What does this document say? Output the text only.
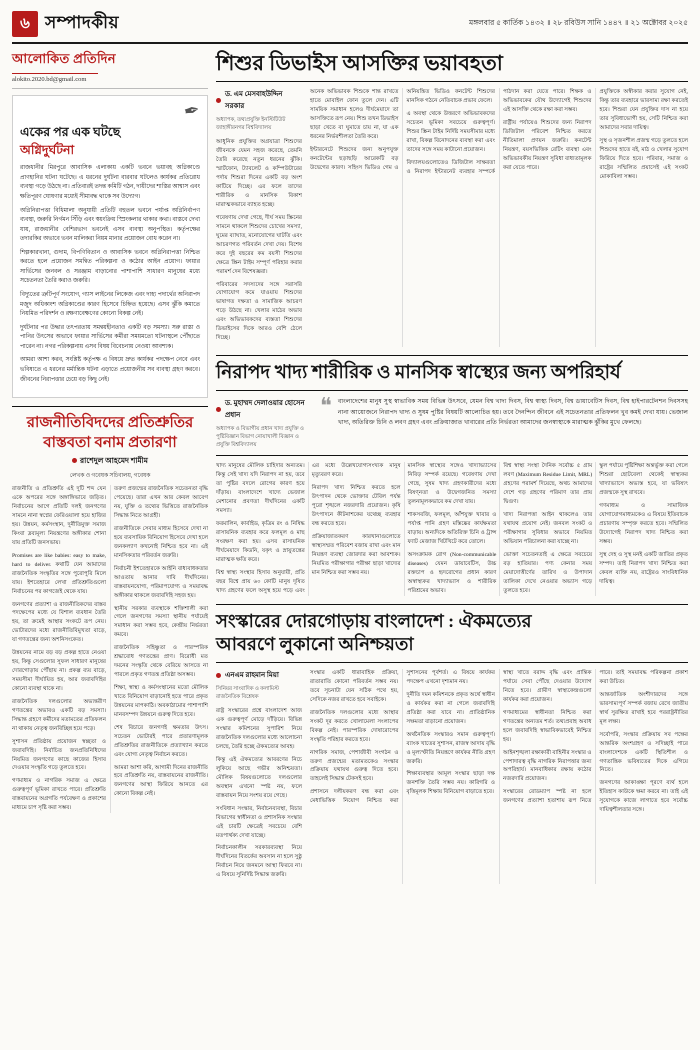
৬ সম্পাদকীয়	মঙ্গলবার ৫ কার্তিক ১৪৩২ ॥ ২৮ রবিউস সানি ১৪৪৭ ॥ ২১ অক্টোবর ২০২৫
আলোকিত প্রতিদিন
alokito.2020.bd@gmail.com
✒
একের পর এক ঘটছে
অগ্নিদুর্ঘটনা

রাজধানীর মিরপুরে আবাসিক এলাকায় একটি ভবনে ভয়াবহ অগ্নিকাণ্ডে প্রাণহানির ঘটনা ঘটেছে। এ ধরনের দুর্ঘটনা বারবার ঘটলেও কার্যকর প্রতিরোধ ব্যবস্থা গড়ে উঠছে না। প্রতিবারই তদন্ত কমিটি গঠন, দায়ীদের শাস্তির আশ্বাস এবং ক্ষতিপূরণ ঘোষণার মধ্যেই সীমাবদ্ধ থাকে সব উদ্যোগ।

অগ্নিনিরাপত্তা বিধিমালা অনুযায়ী প্রতিটি বহুতল ভবনে পর্যাপ্ত অগ্নিনির্বাপণ ব্যবস্থা, জরুরি নির্গমন সিঁড়ি এবং স্বয়ংক্রিয় স্প্রিংকলার থাকার কথা। বাস্তবে দেখা যায়, রাজধানীর বেশিরভাগ ভবনেই এসব ব্যবস্থা অনুপস্থিত। কর্তৃপক্ষের তদারকির অভাবে ভবন মালিকরা নিয়ম মানার প্রয়োজন বোধ করেন না।

শিল্পকারখানা, গুদাম, বিপণিবিতান ও আবাসিক ভবনে অগ্নিনিরাপত্তা নিশ্চিত করতে হলে প্রয়োজন সমন্বিত পরিকল্পনা ও কঠোর আইন প্রয়োগ। ফায়ার সার্ভিসের জনবল ও সরঞ্জাম বাড়ানোর পাশাপাশি সাধারণ মানুষের মধ্যে সচেতনতা তৈরি করাও জরুরি।

বিদ্যুতের ত্রুটিপূর্ণ সংযোগ, গ্যাস লাইনের লিকেজ এবং দাহ্য পদার্থের অনিরাপদ মজুদ অধিকাংশ অগ্নিকাণ্ডের কারণ হিসেবে চিহ্নিত হয়েছে। এসব ঝুঁকি কমাতে নিয়মিত পরিদর্শন ও রক্ষণাবেক্ষণের কোনো বিকল্প নেই।

দুর্ঘটনার পর উদ্ধার তৎপরতায় সমন্বয়হীনতাও একটি বড় সমস্যা। সরু রাস্তা ও পানির উৎসের অভাবে ফায়ার সার্ভিসের কর্মীরা সময়মতো ঘটনাস্থলে পৌঁছাতে পারেন না। নগর পরিকল্পনায় এসব বিষয় বিবেচনায় নেওয়া আবশ্যক।

আমরা আশা করব, সংশ্লিষ্ট কর্তৃপক্ষ এ বিষয়ে দ্রুত কার্যকর পদক্ষেপ নেবে এবং ভবিষ্যতে এ ধরনের মর্মান্তিক ঘটনা এড়াতে প্রয়োজনীয় সব ব্যবস্থা গ্রহণ করবে। জীবনের নিরাপত্তার চেয়ে বড় কিছু নেই।

রাজনীতিবিদদের প্রতিশ্রুতির
বাস্তবতা বনাম প্রতারণা
রাশেদুল আহমেদ শামীম
লেখক ও গবেষক সচিবালয়, গবেষক

রাজনীতি ও প্রতিশ্রুতি এই দুটি শব্দ যেন একে অপরের সঙ্গে অঙ্গাঙ্গিভাবে জড়িত। নির্বাচনের আগে প্রতিটি দলই জনগণের সামনে নানা স্বপ্নের ফেরিওয়ালা হয়ে হাজির হয়। উন্নয়ন, কর্মসংস্থান, দুর্নীতিমুক্ত সমাজ কিংবা দ্রব্যমূল্য নিয়ন্ত্রণের অঙ্গীকার শোনা যায় প্রতিটি জনসভায়।

Promises are like babies: easy to make, hard to deliver. কথাটি যেন আমাদের রাজনৈতিক সংস্কৃতির সঙ্গে পুরোপুরি মিলে যায়। ইশতেহারে লেখা প্রতিশ্রুতিগুলো নির্বাচনের পর কাগজেই থেকে যায়।

জনগণের প্রত্যাশা ও রাজনীতিকদের বাস্তব পদক্ষেপের মধ্যে যে বিশাল ব্যবধান তৈরি হয়, তা ক্রমেই আস্থার সংকটে রূপ নেয়। ভোটারদের মধ্যে রাজনীতিবিমুখতা বাড়ে, যা গণতন্ত্রের জন্য অশনিসংকেত।

উন্নয়নের নামে বড় বড় প্রকল্প হাতে নেওয়া হয়, কিন্তু সেগুলোর সুফল সাধারণ মানুষের দোরগোড়ায় পৌঁছায় না। প্রকল্প ব্যয় বাড়ে, সময়সীমা দীর্ঘায়িত হয়, আর জবাবদিহির কোনো ব্যবস্থা থাকে না।

রাজনৈতিক দলগুলোর অভ্যন্তরীণ গণতন্ত্রের অভাবও একটি বড় সমস্যা। সিদ্ধান্ত গ্রহণে কর্মীদের মতামতের প্রতিফলন না থাকায় নেতৃত্ব জনবিচ্ছিন্ন হয়ে পড়ে।

সুশাসন প্রতিষ্ঠায় প্রয়োজন স্বচ্ছতা ও জবাবদিহি। নির্বাচিত জনপ্রতিনিধিদের নিয়মিত জনগণের কাছে কাজের হিসাব দেওয়ার সংস্কৃতি গড়ে তুলতে হবে।

গণমাধ্যম ও নাগরিক সমাজ এ ক্ষেত্রে গুরুত্বপূর্ণ ভূমিকা রাখতে পারে। প্রতিশ্রুতি বাস্তবায়নের অগ্রগতি পর্যবেক্ষণ ও প্রকাশের মাধ্যমে চাপ সৃষ্টি করা সম্ভব।

তরুণ প্রজন্মের রাজনৈতিক সচেতনতা বৃদ্ধি পেয়েছে। তারা এখন আর কেবল আবেগ নয়, যুক্তি ও তথ্যের ভিত্তিতে রাজনৈতিক সিদ্ধান্ত নিতে আগ্রহী।

রাজনীতিকে সেবার মাধ্যম হিসেবে দেখা না হয়ে ব্যবসায়িক বিনিয়োগ হিসেবে দেখা হলে জনকল্যাণ কখনোই নিশ্চিত হবে না। এই মানসিকতার পরিবর্তন জরুরি।

নির্বাচনী ইশতেহারকে আইনি বাধ্যবাধকতার আওতায় আনার দাবি দীর্ঘদিনের। বাস্তবায়নযোগ্য, পরিমাপযোগ্য ও সময়াবদ্ধ অঙ্গীকার থাকলে জবাবদিহি সহজ হয়।

স্থানীয় সরকার ব্যবস্থাকে শক্তিশালী করা গেলে জনগণের সমস্যা স্থানীয় পর্যায়েই সমাধান করা সম্ভব হবে, কেন্দ্রীয় নির্ভরতা কমবে।

রাজনৈতিক সহিষ্ণুতা ও পারস্পরিক শ্রদ্ধাবোধ গণতন্ত্রের প্রাণ। বিরোধী মত দমনের সংস্কৃতি থেকে বেরিয়ে আসতে না পারলে প্রকৃত গণতন্ত্র প্রতিষ্ঠা অসম্ভব।

শিক্ষা, স্বাস্থ্য ও কর্মসংস্থানের মতো মৌলিক খাতে বিনিয়োগ বাড়ানোই হতে পারে প্রকৃত উন্নয়নের মাপকাঠি। অবকাঠামোর পাশাপাশি মানবসম্পদ উন্নয়নে গুরুত্ব দিতে হবে।

শেষ বিচারে জনগণই ক্ষমতার উৎস। সচেতন ভোটারই পারে প্রতারণামূলক প্রতিশ্রুতির রাজনীতিকে প্রত্যাখ্যান করতে এবং যোগ্য নেতৃত্ব নির্বাচন করতে।

আমরা আশা করি, আগামী দিনের রাজনীতি হবে প্রতিশ্রুতি নয়, বাস্তবায়নের রাজনীতি। জনগণের আস্থা ফিরিয়ে আনতে এর কোনো বিকল্প নেই।

শিশুর ডিভাইস আসক্তির ভয়াবহতা
ড. এম মেসবাহউদ্দিন সরকার
অধ্যাপক, তথ্যপ্রযুক্তি ইনস্টিটিউট জাহাঙ্গীরনগর বিশ্ববিদ্যালয়

আধুনিক প্রযুক্তির অগ্রযাত্রা শিশুদের জীবনকে যেমন সহজ করেছে, তেমনি তৈরি করেছে নতুন ধরনের ঝুঁকি। স্মার্টফোন, ট্যাবলেট ও কম্পিউটারের পর্দায় শিশুরা দিনের একটি বড় অংশ কাটিয়ে দিচ্ছে। এর ফলে তাদের শারীরিক ও মানসিক বিকাশ মারাত্মকভাবে ব্যাহত হচ্ছে।

গবেষণায় দেখা গেছে, দীর্ঘ সময় স্ক্রিনের সামনে থাকলে শিশুদের চোখের সমস্যা, ঘুমের ব্যাঘাত, মনোযোগের ঘাটতি এবং আচরণগত পরিবর্তন দেখা দেয়। বিশেষ করে দুই বছরের কম বয়সী শিশুদের ক্ষেত্রে স্ক্রিন টাইম সম্পূর্ণ পরিহার করার পরামর্শ দেন বিশেষজ্ঞরা।

পরিবারের সদস্যদের সঙ্গে সরাসরি যোগাযোগ কমে যাওয়ায় শিশুদের ভাষাগত দক্ষতা ও সামাজিক আচরণ গড়ে উঠছে না। খেলার মাঠের অভাব এবং অভিভাবকদের ব্যস্ততা শিশুদের ডিভাইসের দিকে আরও বেশি ঠেলে দিচ্ছে।

অনেক অভিভাবক শিশুকে শান্ত রাখতে হাতে মোবাইল ফোন তুলে দেন। এটি সাময়িক সমাধান হলেও দীর্ঘমেয়াদে তা আসক্তিতে রূপ নেয়। শিশু তখন ডিভাইস ছাড়া খেতে বা ঘুমাতে চায় না, যা এক ধরনের নির্ভরশীলতা তৈরি করে।

ইন্টারনেটে শিশুদের জন্য অনুপযুক্ত কনটেন্টের ছড়াছড়ি আরেকটি বড় উদ্বেগের কারণ। সহিংস ভিডিও গেম ও অনিয়ন্ত্রিত ভিডিও কনটেন্ট শিশুদের মানসিক গঠনে নেতিবাচক প্রভাব ফেলে।

এ অবস্থা থেকে উত্তরণে অভিভাবকদের সচেতন ভূমিকা সবচেয়ে গুরুত্বপূর্ণ। শিশুর স্ক্রিন টাইম নির্দিষ্ট সময়সীমার মধ্যে রাখা, বিকল্প বিনোদনের ব্যবস্থা করা এবং তাদের সঙ্গে সময় কাটানো প্রয়োজন।

বিদ্যালয়গুলোতেও ডিজিটাল সাক্ষরতা ও নিরাপদ ইন্টারনেট ব্যবহার সম্পর্কে পাঠদান করা যেতে পারে। শিক্ষক ও অভিভাবকের যৌথ উদ্যোগেই শিশুদের এই আসক্তি থেকে রক্ষা করা সম্ভব।

রাষ্ট্রীয় পর্যায়েও শিশুদের জন্য নিরাপদ ডিজিটাল পরিবেশ নিশ্চিত করতে নীতিমালা প্রণয়ন জরুরি। কনটেন্ট নিয়ন্ত্রণ, বয়সভিত্তিক রেটিং ব্যবস্থা এবং অভিভাবকীয় নিয়ন্ত্রণ সুবিধা বাধ্যতামূলক করা যেতে পারে।

প্রযুক্তিকে অস্বীকার করার সুযোগ নেই, কিন্তু তার ব্যবহারে ভারসাম্য রক্ষা করতেই হবে। শিশুরা যেন প্রযুক্তির দাস না হয়ে তার সুবিধাভোগী হয়, সেটি নিশ্চিত করা আমাদের সবার দায়িত্ব।

সুস্থ ও সৃজনশীল প্রজন্ম গড়ে তুলতে হলে শিশুদের হাতে বই, মাঠ ও খেলার সুযোগ ফিরিয়ে দিতে হবে। পরিবার, সমাজ ও রাষ্ট্রের সম্মিলিত প্রয়াসেই এই সংকট মোকাবিলা সম্ভব।

নিরাপদ খাদ্য শারীরিক ও মানসিক স্বাস্থ্যের জন্য অপরিহার্য
ড. মুহাম্মদ দেলাওয়ার হোসেন প্রধান
অধ্যাপক ও বিভাগীয় প্রধান খাদ্য প্রযুক্তি ও পুষ্টিবিজ্ঞান বিভাগ নোয়াখালী বিজ্ঞান ও প্রযুক্তি বিশ্ববিদ্যালয়
❝ বাংলাদেশের মানুষ সুস্থ স্বাভাবিক সময় বিভিন্ন উৎসবে, যেমন বিশ্ব খাদ্য দিবস, বিশ্ব স্বাস্থ্য দিবস, বিশ্ব ডায়াবেটিস দিবস, বিশ্ব হাইপারটেনশন দিবসসহ নানা আয়োজনে নিরাপদ খাদ্য ও সুষম পুষ্টির বিষয়টি আলোচিত হয়। তবে দৈনন্দিন জীবনে এই সচেতনতার প্রতিফলন খুব কমই দেখা যায়। ভেজাল খাদ্য, অতিরিক্ত চিনি ও লবণ গ্রহণ এবং প্রক্রিয়াজাত খাবারের প্রতি নির্ভরতা আমাদের জনস্বাস্থ্যকে মারাত্মক ঝুঁকির মুখে ফেলছে।

খাদ্য মানুষের মৌলিক চাহিদার অন্যতম। কিন্তু সেই খাদ্য যদি নিরাপদ না হয়, তবে তা পুষ্টির বদলে রোগের কারণ হয়ে দাঁড়ায়। বাংলাদেশে খাদ্যে ভেজাল মেশানোর প্রবণতা দীর্ঘদিনের একটি সমস্যা।

ফরমালিন, কার্বাইড, কৃত্রিম রং ও নিষিদ্ধ রাসায়নিক ব্যবহার করে ফলমূল ও মাছ সংরক্ষণ করা হয়। এসব রাসায়নিক দীর্ঘমেয়াদে কিডনি, যকৃৎ ও স্নায়ুতন্ত্রের মারাত্মক ক্ষতি করে।

বিশ্ব স্বাস্থ্য সংস্থার হিসাব অনুযায়ী, প্রতি বছর বিশ্বে প্রায় ৬০ কোটি মানুষ দূষিত খাদ্য গ্রহণের ফলে অসুস্থ হয়ে পড়ে এবং এর মধ্যে উল্লেখযোগ্যসংখ্যক মানুষ মৃত্যুবরণ করে।

নিরাপদ খাদ্য নিশ্চিত করতে হলে উৎপাদন থেকে ভোক্তার টেবিল পর্যন্ত পুরো শৃঙ্খলে নজরদারি প্রয়োজন। কৃষি উৎপাদনে কীটনাশকের যথেচ্ছ ব্যবহার বন্ধ করতে হবে।

প্রক্রিয়াজাতকরণ কারখানাগুলোতে স্বাস্থ্যসম্মত পরিবেশ বজায় রাখা এবং মান নিয়ন্ত্রণ ব্যবস্থা জোরদার করা আবশ্যক। নিয়মিত পরীক্ষাগার পরীক্ষা ছাড়া খাদ্যের মান নিশ্চিত করা সম্ভব নয়।

মানসিক স্বাস্থ্যের সঙ্গেও খাদ্যাভ্যাসের নিবিড় সম্পর্ক রয়েছে। গবেষণায় দেখা গেছে, সুষম খাদ্য গ্রহণকারীদের মধ্যে বিষণ্নতা ও উদ্বেগজনিত সমস্যা তুলনামূলকভাবে কম দেখা যায়।

শাকসবজি, ফলমূল, আঁশযুক্ত খাবার ও পর্যাপ্ত পানি গ্রহণ মস্তিষ্কের কার্যক্ষমতা বাড়ায়। অন্যদিকে অতিরিক্ত চিনি ও ট্রান্স ফ্যাট মেজাজ খিটখিটে করে তোলে।

অসংক্রামক রোগ (Non-communicable diseases) যেমন ডায়াবেটিস, উচ্চ রক্তচাপ ও হৃদরোগের প্রধান কারণ অস্বাস্থ্যকর খাদ্যাভ্যাস ও শারীরিক পরিশ্রমের অভাব।

বিশ্ব স্বাস্থ্য সংস্থা দৈনিক সর্বোচ্চ ৫ গ্রাম লবণ (Maximum Residue Limit, MRL) গ্রহণের পরামর্শ দিয়েছে, অথচ আমাদের দেশে গড় গ্রহণের পরিমাণ তার প্রায় দ্বিগুণ।

খাদ্য নিরাপত্তা আইন থাকলেও তার যথাযথ প্রয়োগ নেই। জনবল সংকট ও পরীক্ষাগার সুবিধার অভাবে নিয়মিত অভিযান পরিচালনা করা যাচ্ছে না।

ভোক্তা সচেতনতাই এ ক্ষেত্রে সবচেয়ে বড় হাতিয়ার। পণ্য কেনার সময় মেয়াদোত্তীর্ণের তারিখ ও উপাদান তালিকা দেখে নেওয়ার অভ্যাস গড়ে তুলতে হবে।

স্কুল পর্যায়ে পুষ্টিশিক্ষা অন্তর্ভুক্ত করা গেলে শিশুরা ছোটবেলা থেকেই স্বাস্থ্যকর খাদ্যাভ্যাসে অভ্যস্ত হবে, যা ভবিষ্যৎ প্রজন্মকে সুস্থ রাখবে।

গণমাধ্যম ও সামাজিক যোগাযোগমাধ্যমকেও এ বিষয়ে ইতিবাচক প্রচারণায় সম্পৃক্ত করতে হবে। সম্মিলিত উদ্যোগেই নিরাপদ খাদ্য নিশ্চিত করা সম্ভব।

সুস্থ দেহ ও সুস্থ মনই একটি জাতির প্রকৃত সম্পদ। তাই নিরাপদ খাদ্য নিশ্চিত করা কেবল ব্যক্তি নয়, রাষ্ট্রেরও সাংবিধানিক দায়িত্ব।

সংস্কারের দোরগোড়ায় বাংলাদেশ : ঐকমত্যের
আবরণে লুকানো অনিশ্চয়তা
এনএম রাহমান মিয়া
সিনিয়র সাংবাদিক ও কলামিস্ট রাজনৈতিক বিশ্লেষক

রাষ্ট্র সংস্কারের প্রশ্নে বাংলাদেশ আজ এক গুরুত্বপূর্ণ মোড়ে দাঁড়িয়ে। বিভিন্ন সংস্কার কমিশনের সুপারিশ নিয়ে রাজনৈতিক দলগুলোর মধ্যে আলোচনা চলছে, তৈরি হচ্ছে ঐকমত্যের আবহ।

কিন্তু এই ঐকমত্যের আবরণের নিচে লুকিয়ে আছে গভীর অনিশ্চয়তা। মৌলিক বিষয়গুলোতে দলগুলোর অবস্থান এখনো স্পষ্ট নয়, ফলে বাস্তবায়ন নিয়ে সংশয় রয়ে গেছে।

সংবিধান সংস্কার, নির্বাচনব্যবস্থা, বিচার বিভাগের স্বাধীনতা ও প্রশাসনিক সংস্কার এই চারটি ক্ষেত্রেই সবচেয়ে বেশি মতপার্থক্য দেখা যাচ্ছে।

নির্বাচনকালীন সরকারব্যবস্থা নিয়ে দীর্ঘদিনের বিতর্কের অবসান না হলে সুষ্ঠু নির্বাচন নিয়ে জনমনে আস্থা ফিরবে না। এ বিষয়ে সুনির্দিষ্ট সিদ্ধান্ত জরুরি।

সংস্কার একটি ধারাবাহিক প্রক্রিয়া, রাতারাতি কোনো পরিবর্তন সম্ভব নয়। তবে সূচনাটা যেন সঠিক পথে হয়, সেদিকে নজর রাখতে হবে সবাইকে।

রাজনৈতিক দলগুলোর মধ্যে আস্থার সংকট দূর করতে খোলামেলা সংলাপের বিকল্প নেই। পারস্পরিক দোষারোপের সংস্কৃতি পরিহার করতে হবে।

নাগরিক সমাজ, পেশাজীবী সংগঠন ও তরুণ প্রজন্মের মতামতকেও সংস্কার প্রক্রিয়ায় যথাযথ গুরুত্ব দিতে হবে। তাহলেই সিদ্ধান্ত টেকসই হবে।

প্রশাসনে দলীয়করণ বন্ধ করা এবং মেধাভিত্তিক নিয়োগ নিশ্চিত করা সুশাসনের পূর্বশর্ত। এ বিষয়ে কার্যকর পদক্ষেপ এখনো দৃশ্যমান নয়।

দুর্নীতি দমন কমিশনকে প্রকৃত অর্থে স্বাধীন ও কার্যকর করা না গেলে জবাবদিহি প্রতিষ্ঠা করা যাবে না। প্রাতিষ্ঠানিক সক্ষমতা বাড়ানো প্রয়োজন।

অর্থনৈতিক সংস্কারও সমান গুরুত্বপূর্ণ। ব্যাংক খাতের সুশাসন, রাজস্ব আদায় বৃদ্ধি ও মূল্যস্ফীতি নিয়ন্ত্রণে কার্যকর নীতি গ্রহণ জরুরি।

শিক্ষাব্যবস্থার আমূল সংস্কার ছাড়া দক্ষ জনশক্তি তৈরি সম্ভব নয়। কারিগরি ও বৃত্তিমূলক শিক্ষায় বিনিয়োগ বাড়াতে হবে।

স্বাস্থ্য খাতে বরাদ্দ বৃদ্ধি এবং প্রান্তিক পর্যায়ে সেবা পৌঁছে দেওয়ার উদ্যোগ নিতে হবে। গ্রামীণ স্বাস্থ্যকেন্দ্রগুলো কার্যকর করা প্রয়োজন।

গণমাধ্যমের স্বাধীনতা নিশ্চিত করা গণতন্ত্রের অন্যতম শর্ত। তথ্যপ্রবাহ অবাধ হলে জবাবদিহি স্বাভাবিকভাবেই নিশ্চিত হয়।

আইনশৃঙ্খলা রক্ষাকারী বাহিনীর সংস্কার ও পেশাদারত্ব বৃদ্ধি নাগরিক নিরাপত্তার জন্য অপরিহার্য। মানবাধিকার রক্ষায় কঠোর নজরদারি প্রয়োজন।

সংস্কারের রোডম্যাপ স্পষ্ট না হলে জনগণের প্রত্যাশা হতাশায় রূপ নিতে পারে। তাই সময়াবদ্ধ পরিকল্পনা প্রকাশ করা উচিত।

আন্তর্জাতিক অংশীদারদের সঙ্গে ভারসাম্যপূর্ণ সম্পর্ক বজায় রেখে জাতীয় স্বার্থ সুরক্ষিত রাখাই হবে পররাষ্ট্রনীতির মূল লক্ষ্য।

সর্বোপরি, সংস্কার প্রক্রিয়ায় সব পক্ষের আন্তরিক অংশগ্রহণ ও সদিচ্ছাই পারে বাংলাদেশকে একটি স্থিতিশীল ও গণতান্ত্রিক ভবিষ্যতের দিকে এগিয়ে নিতে।

জনগণের আকাঙ্ক্ষা পূরণে ব্যর্থ হলে ইতিহাস কাউকে ক্ষমা করবে না। তাই এই সুযোগকে কাজে লাগাতে হবে সর্বোচ্চ দায়িত্বশীলতার সঙ্গে।
